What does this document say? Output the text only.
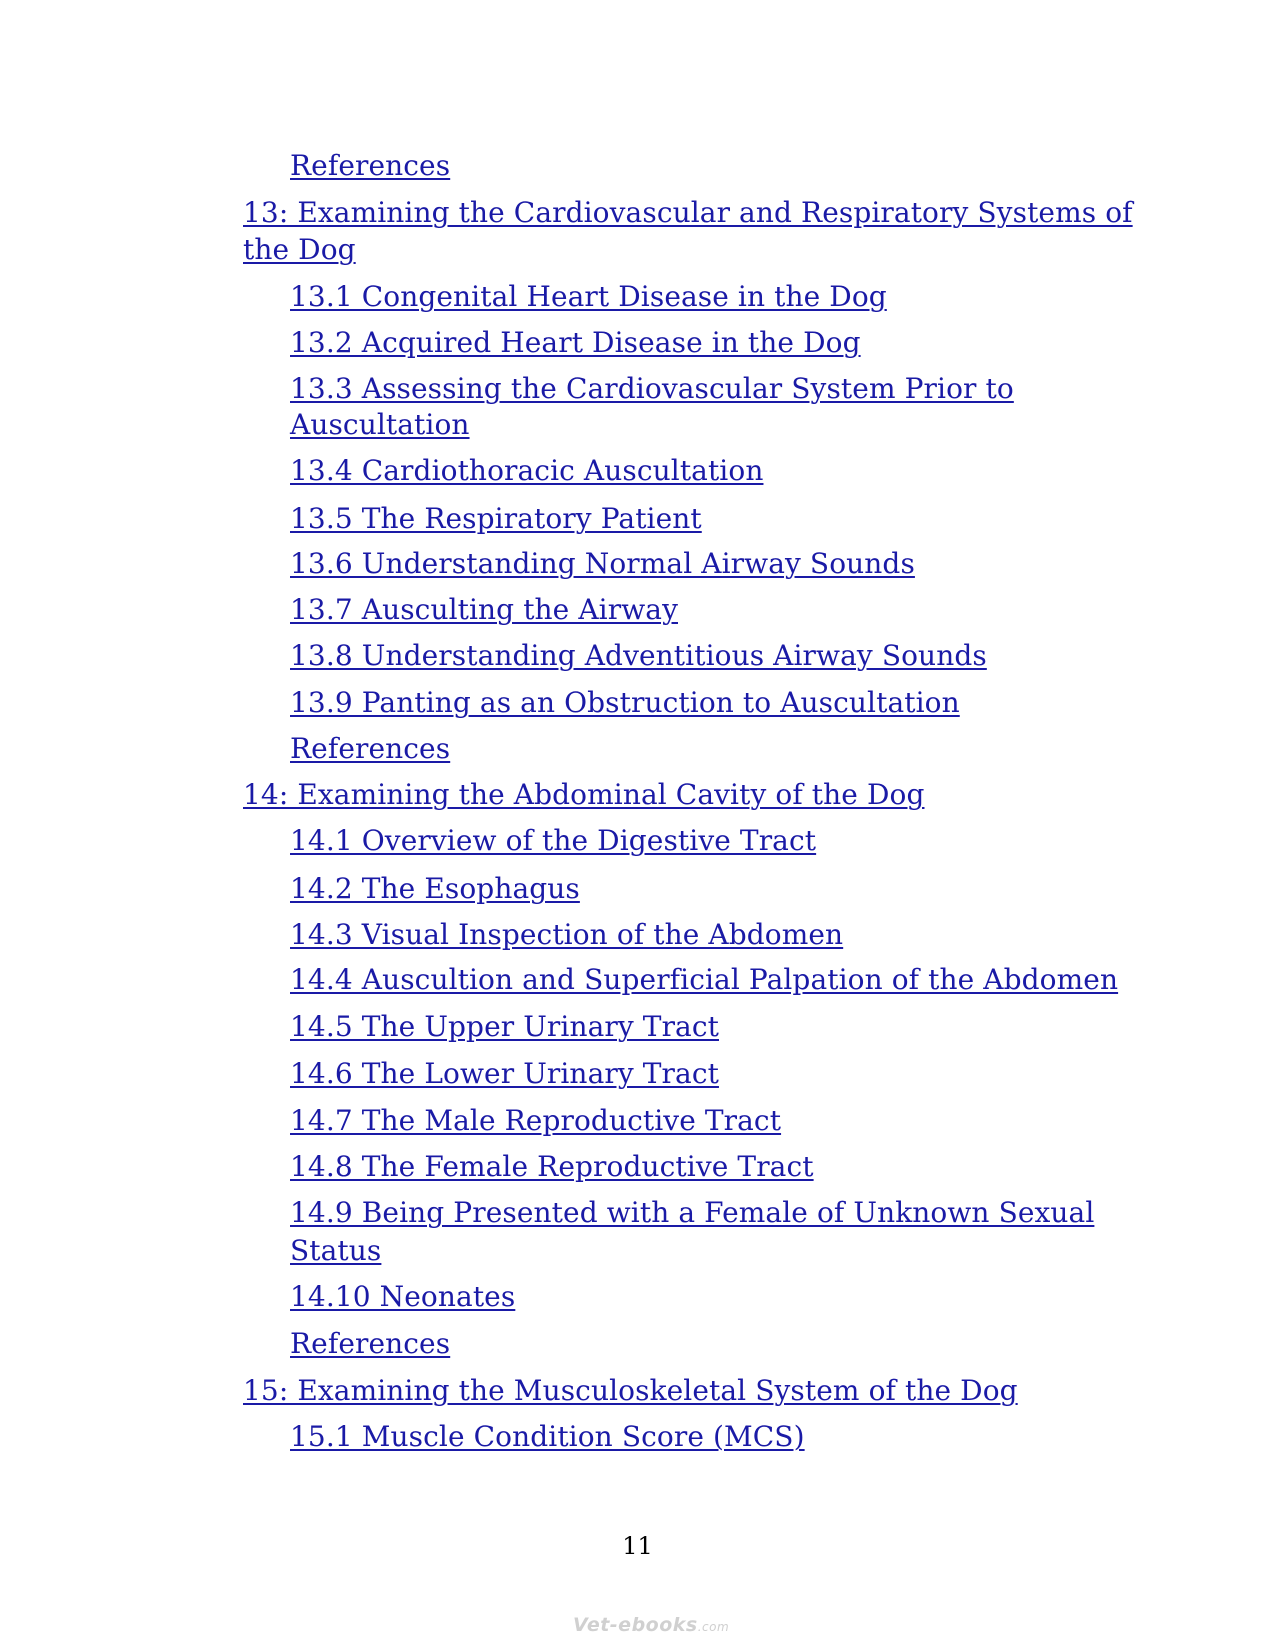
References
13: Examining the Cardiovascular and Respiratory Systems of
the Dog
13.1 Congenital Heart Disease in the Dog
13.2 Acquired Heart Disease in the Dog
13.3 Assessing the Cardiovascular System Prior to
Auscultation
13.4 Cardiothoracic Auscultation
13.5 The Respiratory Patient
13.6 Understanding Normal Airway Sounds
13.7 Ausculting the Airway
13.8 Understanding Adventitious Airway Sounds
13.9 Panting as an Obstruction to Auscultation
References
14: Examining the Abdominal Cavity of the Dog
14.1 Overview of the Digestive Tract
14.2 The Esophagus
14.3 Visual Inspection of the Abdomen
14.4 Auscultion and Superficial Palpation of the Abdomen
14.5 The Upper Urinary Tract
14.6 The Lower Urinary Tract
14.7 The Male Reproductive Tract
14.8 The Female Reproductive Tract
14.9 Being Presented with a Female of Unknown Sexual
Status
14.10 Neonates
References
15: Examining the Musculoskeletal System of the Dog
15.1 Muscle Condition Score (MCS)
11
Vet-ebooks.com
